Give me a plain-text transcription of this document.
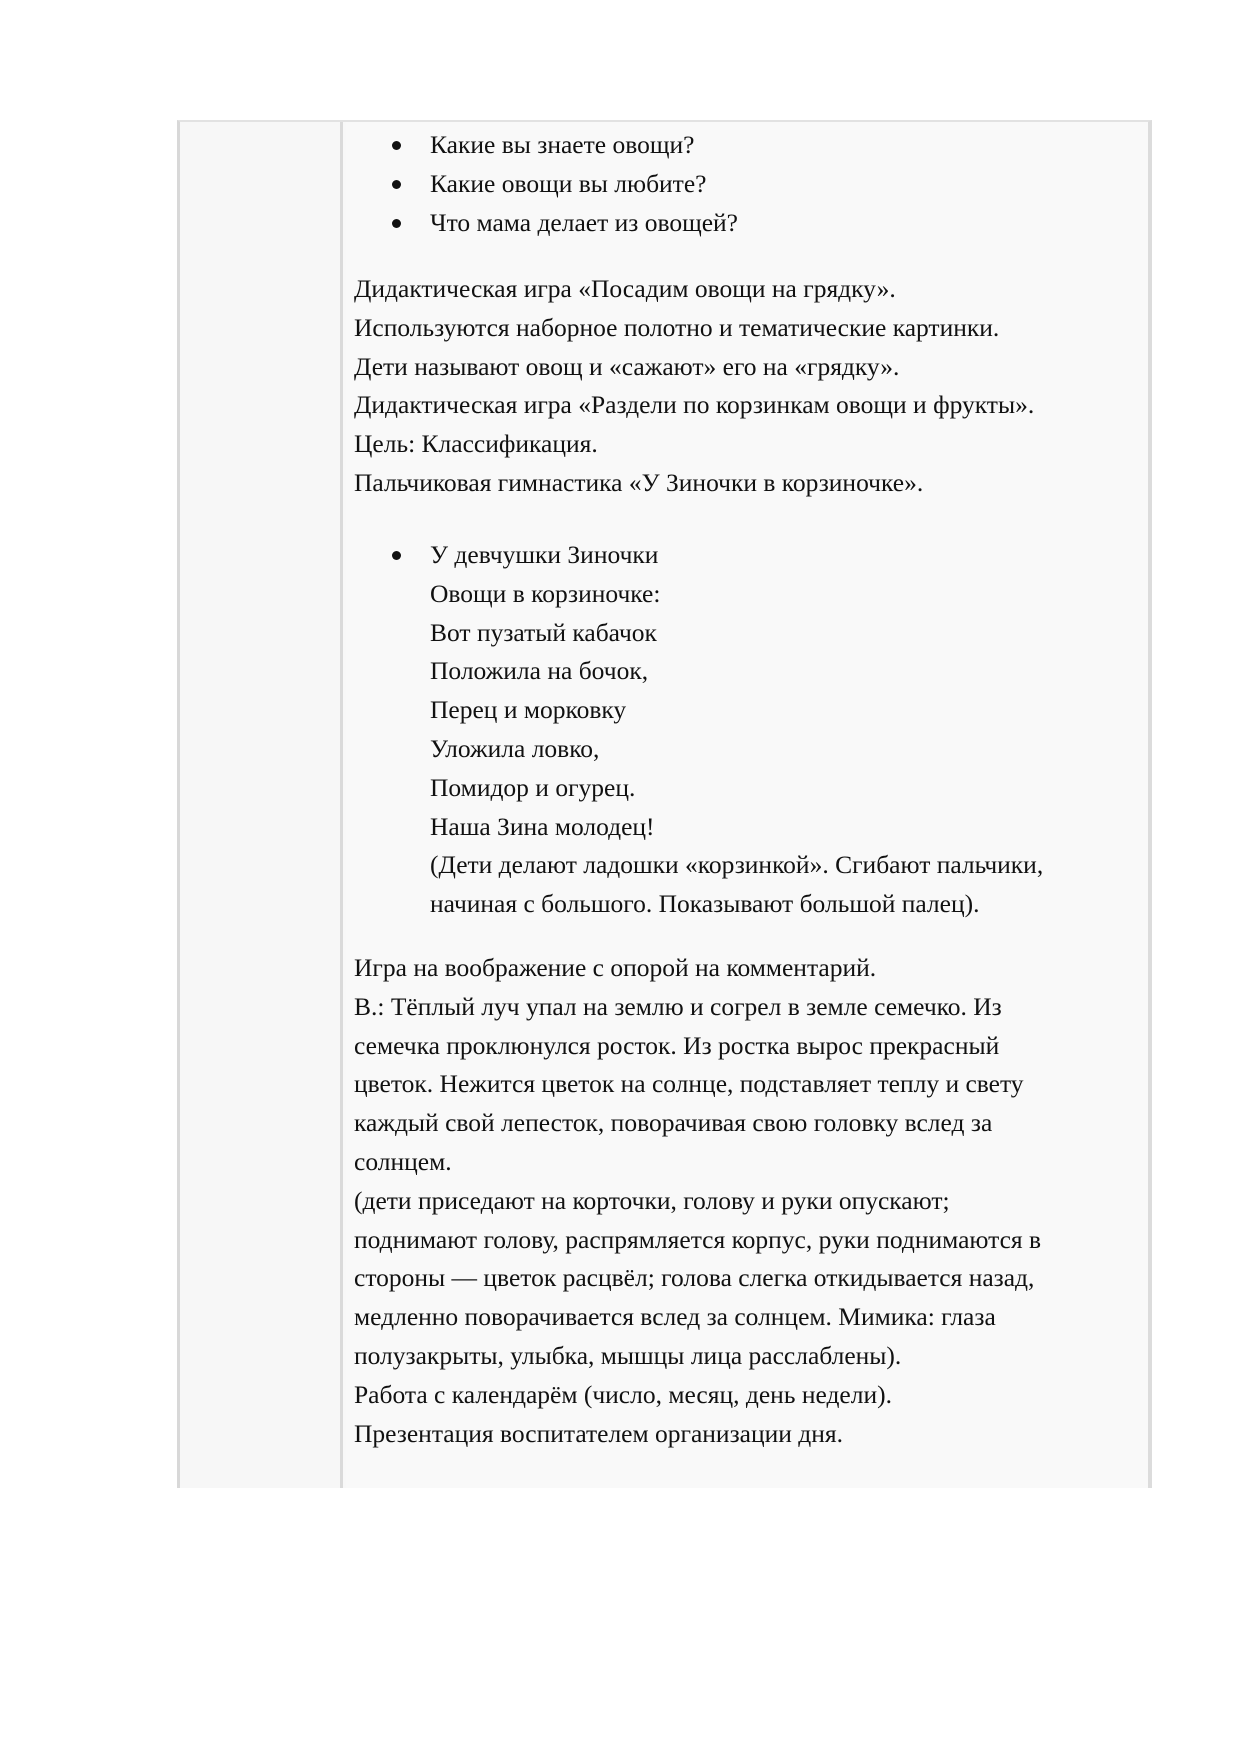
Какие вы знаете овощи?
Какие овощи вы любите?
Что мама делает из овощей?
Дидактическая игра «Посадим овощи на грядку».
Используются наборное полотно и тематические картинки.
Дети называют овощ и «сажают» его на «грядку».
Дидактическая игра «Раздели по корзинкам овощи и фрукты».
Цель: Классификация.
Пальчиковая гимнастика «У Зиночки в корзиночке».
У девчушки Зиночки
Овощи в корзиночке:
Вот пузатый кабачок
Положила на бочок,
Перец и морковку
Уложила ловко,
Помидор и огурец.
Наша Зина молодец!
(Дети делают ладошки «корзинкой». Сгибают пальчики,
начиная с большого. Показывают большой палец).
Игра на воображение с опорой на комментарий.
В.: Тёплый луч упал на землю и согрел в земле семечко. Из
семечка проклюнулся росток. Из ростка вырос прекрасный
цветок. Нежится цветок на солнце, подставляет теплу и свету
каждый свой лепесток, поворачивая свою головку вслед за
солнцем.
(дети приседают на корточки, голову и руки опускают;
поднимают голову, распрямляется корпус, руки поднимаются в
стороны — цветок расцвёл; голова слегка откидывается назад,
медленно поворачивается вслед за солнцем. Мимика: глаза
полузакрыты, улыбка, мышцы лица расслаблены).
Работа с календарём (число, месяц, день недели).
Презентация воспитателем организации дня.
